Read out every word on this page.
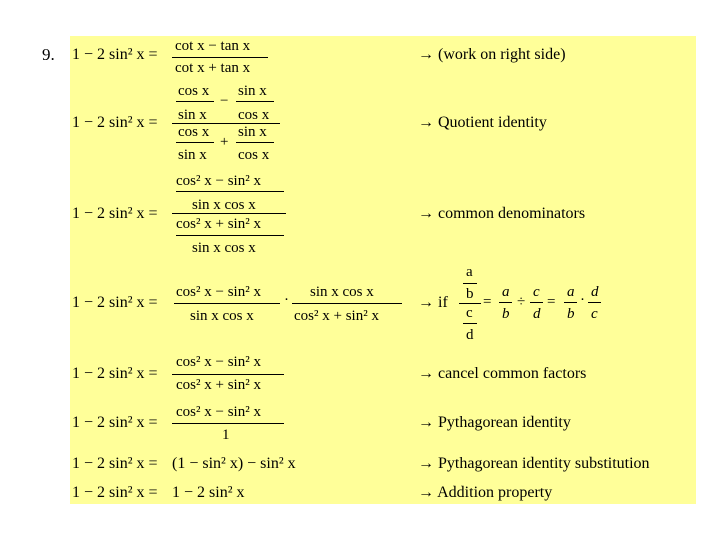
9. 1 − 2 sin² x = cot x − tan x
cot x + tan x
→ (work on right side)
1 − 2 sin² x =
cos x
sin x
−
sin x
cos x
cos x
sin x
+
sin x
cos x
→ Quotient identity
1 − 2 sin² x =
cos² x − sin² x
sin x cos x
cos² x + sin² x
sin x cos x
→ common denominators
1 − 2 sin² x =
cos² x − sin² x
sin x cos x
· sin x cos x
cos² x + sin² x
→ if
a
b
c
d
=
a
b
÷
c
d
=
a
b
· d
c
1 − 2 sin² x =
cos² x − sin² x
cos² x + sin² x
→ cancel common factors
1 − 2 sin² x =
cos² x − sin² x
1
→ Pythagorean identity
1 − 2 sin² x = (1 − sin² x) − sin² x	→ Pythagorean identity substitution
1 − 2 sin² x = 1 − 2 sin² x	→ Addition property
